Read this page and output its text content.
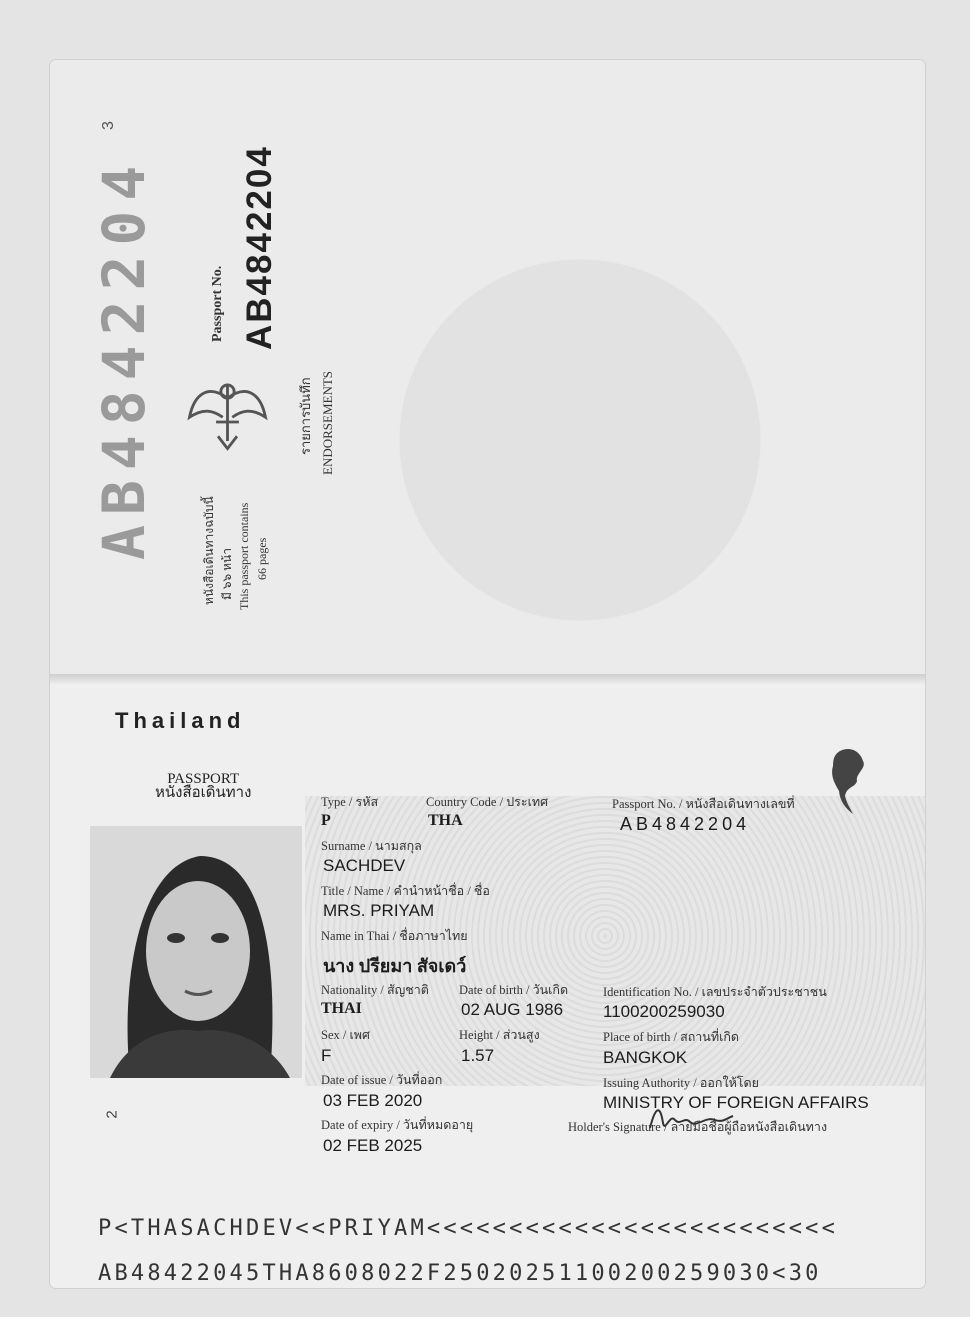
3
AB4842204	Passport No. AB4842204
หนังสือเดินทางฉบับนี้ มี ๖๖ หน้า This passport contains 66 pages
รายการบันทึก ENDORSEMENTS
Thailand
PASSPORT
หนังสือเดินทาง
Type / รหัส
P
Country Code / ประเทศ
THA
Passport No. / หนังสือเดินทางเลขที่
AB4842204
Surname / นามสกุล
SACHDEV
Title / Name / คำนำหน้าชื่อ / ชื่อ
MRS. PRIYAM
Name in Thai / ชื่อภาษาไทย
นาง ปรียมา สัจเดว์
Nationality / สัญชาติ
THAI
Date of birth / วันเกิด
02 AUG 1986
Identification No. / เลขประจำตัวประชาชน
1100200259030
Sex / เพศ
F
Height / ส่วนสูง
1.57
Place of birth / สถานที่เกิด
BANGKOK
Date of issue / วันที่ออก
03 FEB 2020
Issuing Authority / ออกให้โดย
MINISTRY OF FOREIGN AFFAIRS
Date of expiry / วันที่หมดอายุ
02 FEB 2025
Holder's Signature / ลายมือชื่อผู้ถือหนังสือเดินทาง
2
P<THASACHDEV<<PRIYAM<<<<<<<<<<<<<<<<<<<<<<<<<
AB48422045THA8608022F25020251100200259030<30
